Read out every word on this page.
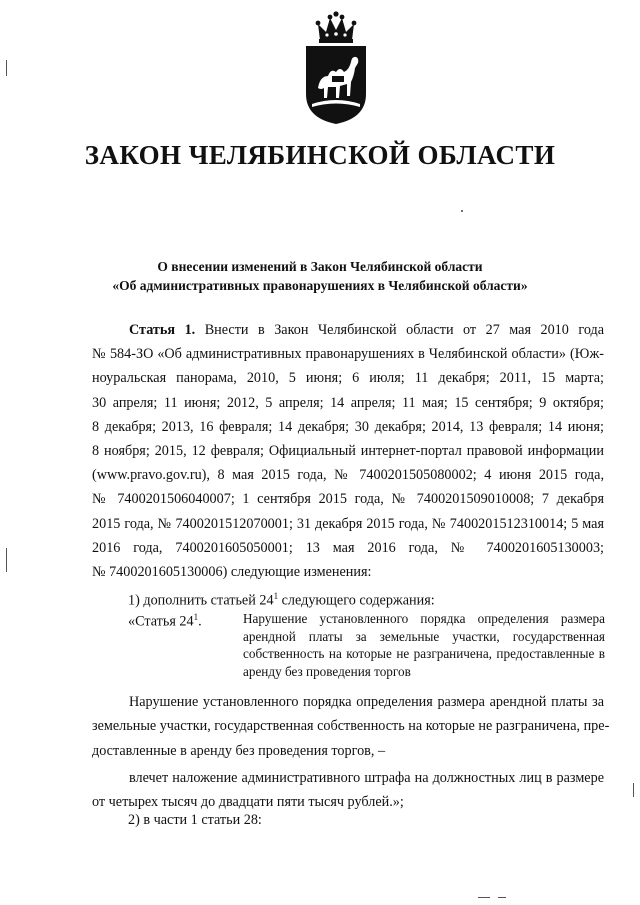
ЗАКОН ЧЕЛЯБИНСКОЙ ОБЛАСТИ
О внесении изменений в Закон Челябинской области
«Об административных правонарушениях в Челябинской области»
Статья 1. Внести в Закон Челябинской области от 27 мая 2010 года
№ 584-ЗО «Об административных правонарушениях в Челябинской области» (Юж-
ноуральская панорама, 2010, 5 июня; 6 июля; 11 декабря; 2011, 15 марта;
30 апреля; 11 июня; 2012, 5 апреля; 14 апреля; 11 мая; 15 сентября; 9 октября;
8 декабря; 2013, 16 февраля; 14 декабря; 30 декабря; 2014, 13 февраля; 14 июня;
8 ноября; 2015, 12 февраля; Официальный интернет-портал правовой информации
(www.pravo.gov.ru), 8 мая 2015 года, № 7400201505080002; 4 июня 2015 года,
№ 7400201506040007; 1 сентября 2015 года, № 7400201509010008; 7 декабря
2015 года, № 7400201512070001; 31 декабря 2015 года, № 7400201512310014; 5 мая
2016 года, 7400201605050001; 13 мая 2016 года, № 7400201605130003;
№ 7400201605130006) следующие изменения:
1) дополнить статьей $24^1$ следующего содержания:
«Статья $24^1$.	Нарушение установленного порядка определения размера арендной платы за земельные участки, государственная собственность на которые не разграничена, предоставленные в аренду без проведения торгов
Нарушение установленного порядка определения размера арендной платы за
земельные участки, государственная собственность на которые не разграничена, пре-
доставленные в аренду без проведения торгов, –
влечет наложение административного штрафа на должностных лиц в размере
от четырех тысяч до двадцати пяти тысяч рублей.»;
2) в части 1 статьи 28:
